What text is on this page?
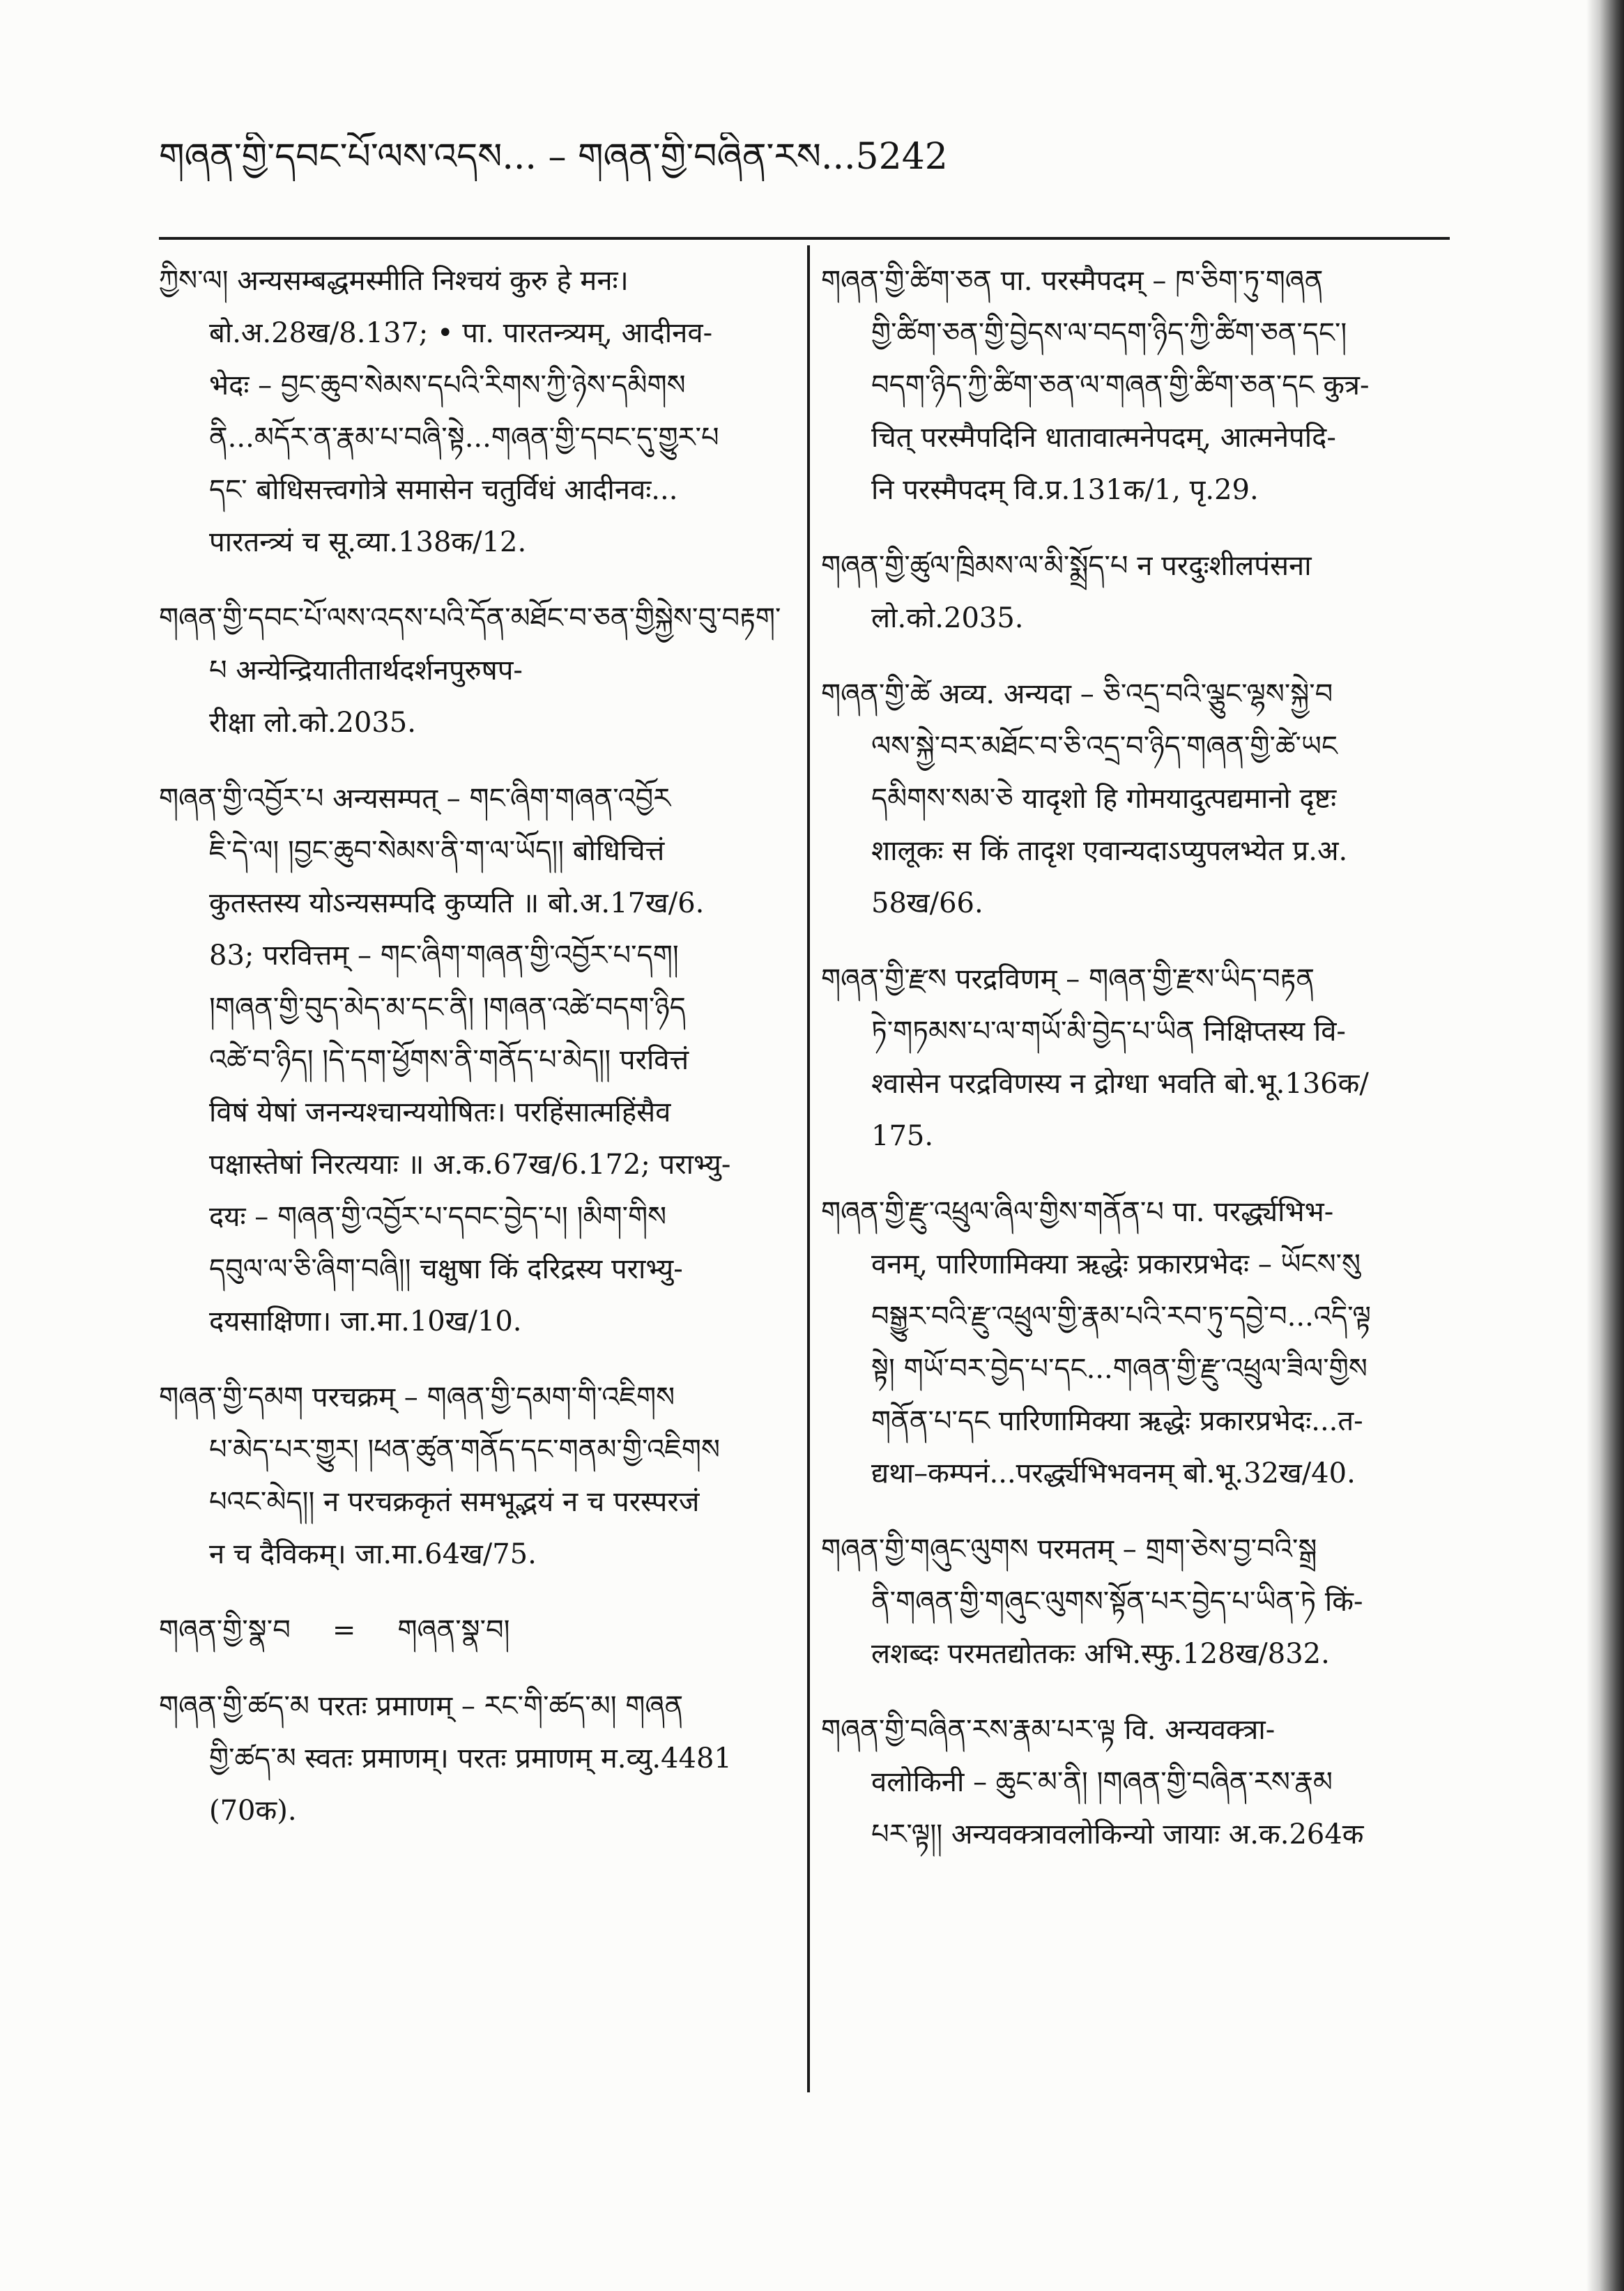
གཞན་གྱི་དབང་པོ་ལས་འདས... – གཞན་གྱི་བཞིན་རས...5242
ཀྱིས་ལ། अन्यसम्बद्धमस्मीति निश्चयं कुरु हे मनः। बो.अ.28ख/8.137; • पा. पारतन्त्र्यम्, आदीनव-
भेदः – བྱང་ཆུབ་སེམས་དཔའི་རིགས་ཀྱི་ཉེས་དམིགས
ནི...མདོར་ན་རྣམ་པ་བཞི་སྟེ...གཞན་གྱི་དབང་དུ་གྱུར་པ
དང་ बोधिसत्त्वगोत्रे समासेन चतुर्विधं आदीनवः...
पारतन्त्र्यं च सू.व्या.138क/12.
གཞན་གྱི་དབང་པོ་ལས་འདས་པའི་དོན་མཐོང་བ་ཅན་གྱིསྐྱེས་བུ་བརྟག་པ अन्येन्द्रियातीतार्थदर्शनपुरुषप-
रीक्षा लो.को.2035.
གཞན་གྱི་འབྱོར་པ अन्यसम्पत् – གང་ཞིག་གཞན་འབྱོར
ཇི་དེ་ལ། །བྱང་ཆུབ་སེམས་ནི་ག་ལ་ཡོད།། बोधिचित्तं
कुतस्तस्य योऽन्यसम्पदि कुप्यति ॥ बो.अ.17ख/6.
83; परवित्तम् – གང་ཞིག་གཞན་གྱི་འབྱོར་པ་དག།
།གཞན་གྱི་བུད་མེད་མ་དང་ནི། །གཞན་འཚེ་བདག་ཉིད
འཚེ་བ་ཉིད། །དེ་དག་ཕྱོགས་ནི་གནོད་པ་མེད།། परवित्तं
विषं येषां जनन्यश्चान्ययोषितः। परहिंसात्महिंसैव
पक्षास्तेषां निरत्ययाः ॥ अ.क.67ख/6.172; पराभ्यु-
दयः – གཞན་གྱི་འབྱོར་པ་དབང་བྱེད་པ། །མིག་གིས
དབུལ་ལ་ཅི་ཞིག་བཞི།། चक्षुषा किं दरिद्रस्य पराभ्यु-
दयसाक्षिणा। जा.मा.10ख/10.
གཞན་གྱི་དམག परचक्रम् – གཞན་གྱི་དམག་གི་འཇིགས
པ་མེད་པར་གྱུར། །ཕན་ཚུན་གནོད་དང་གནམ་གྱི་འཇིགས
པའང་མེད།། न परचक्रकृतं समभूद्भयं न च परस्परजं
न च दैविकम्। जा.मा.64ख/75.
གཞན་གྱི་སྣ་བ = གཞན་སྣ་བ།
གཞན་གྱི་ཚད་མ परतः प्रमाणम् – རང་གི་ཚད་མ། གཞན
གྱི་ཚད་མ स्वतः प्रमाणम्। परतः प्रमाणम् म.व्यु.4481
(70क).
གཞན་གྱི་ཚིག་ཅན पा. परस्मैपदम् – ཁ་ཅིག་ཏུ་གཞན
གྱི་ཚིག་ཅན་གྱི་བྱེདས་ལ་བདག་ཉིད་ཀྱི་ཚིག་ཅན་དང་།
བདག་ཉིད་ཀྱི་ཚིག་ཅན་ལ་གཞན་གྱི་ཚིག་ཅན་དང कुत्र-
चित् परस्मैपदिनि धातावात्मनेपदम्, आत्मनेपदि-
नि परस्मैपदम् वि.प्र.131क/1, पृ.29.
གཞན་གྱི་ཚུལ་ཁྲིམས་ལ་མི་སྨྲོད་པ न परदुःशीलपंसना
लो.को.2035.
གཞན་གྱི་ཚེ अव्य. अन्यदा – ཅི་འདྲ་བའི་ལྕུང་ལྷས་སྐྱེ་བ
ལས་སྐྱེ་བར་མཐོང་བ་ཅི་འདྲ་བ་ཉིད་གཞན་གྱི་ཚེ་ཡང
དམིགས་སམ་ཅེ यादृशो हि गोमयादुत्पद्यमानो दृष्टः
शालूकः स किं तादृश एवान्यदाऽप्युपलभ्येत प्र.अ.
58ख/66.
གཞན་གྱི་རྫས परद्रविणम् – གཞན་གྱི་རྫས་ཡིད་བརྟན
ཏེ་གཏམས་པ་ལ་གཡོ་མི་བྱེད་པ་ཡིན निक्षिप्तस्य वि-
श्वासेन परद्रविणस्य न द्रोग्धा भवति बो.भू.136क/
175.
གཞན་གྱི་རྫུ་འཕྲུལ་ཞིལ་གྱིས་གནོན་པ पा. परर्द्ध्यभिभ-
वनम्, पारिणामिक्या ऋद्धेः प्रकारप्रभेदः – ཡོངས་སུ
བསྒྱུར་བའི་རྫུ་འཕྲུལ་གྱི་རྣམ་པའི་རབ་ཏུ་དབྱེ་བ...འདི་ལྟ
སྟེ། གཡོ་བར་བྱེད་པ་དང...གཞན་གྱི་རྫུ་འཕྲུལ་ཟིལ་གྱིས
གནོན་པ་དང पारिणामिक्या ऋद्धेः प्रकारप्रभेदः...त-
द्यथा–कम्पनं...परर्द्ध्यभिभवनम् बो.भू.32ख/40.
གཞན་གྱི་གཞུང་ལུགས परमतम् – གྲག་ཅེས་བྱ་བའི་སྒྲ
ནི་གཞན་གྱི་གཞུང་ལུགས་སྟོན་པར་བྱེད་པ་ཡིན་ཏེ किं-
लशब्दः परमतद्योतकः अभि.स्फु.128ख/832.
གཞན་གྱི་བཞིན་རས་རྣམ་པར་ལྟ वि. अन्यवक्त्रा-
वलोकिनी – ཆུང་མ་ནི། །གཞན་གྱི་བཞིན་རས་རྣམ
པར་ལྟ།། अन्यवक्त्रावलोकिन्यो जायाः अ.क.264क
